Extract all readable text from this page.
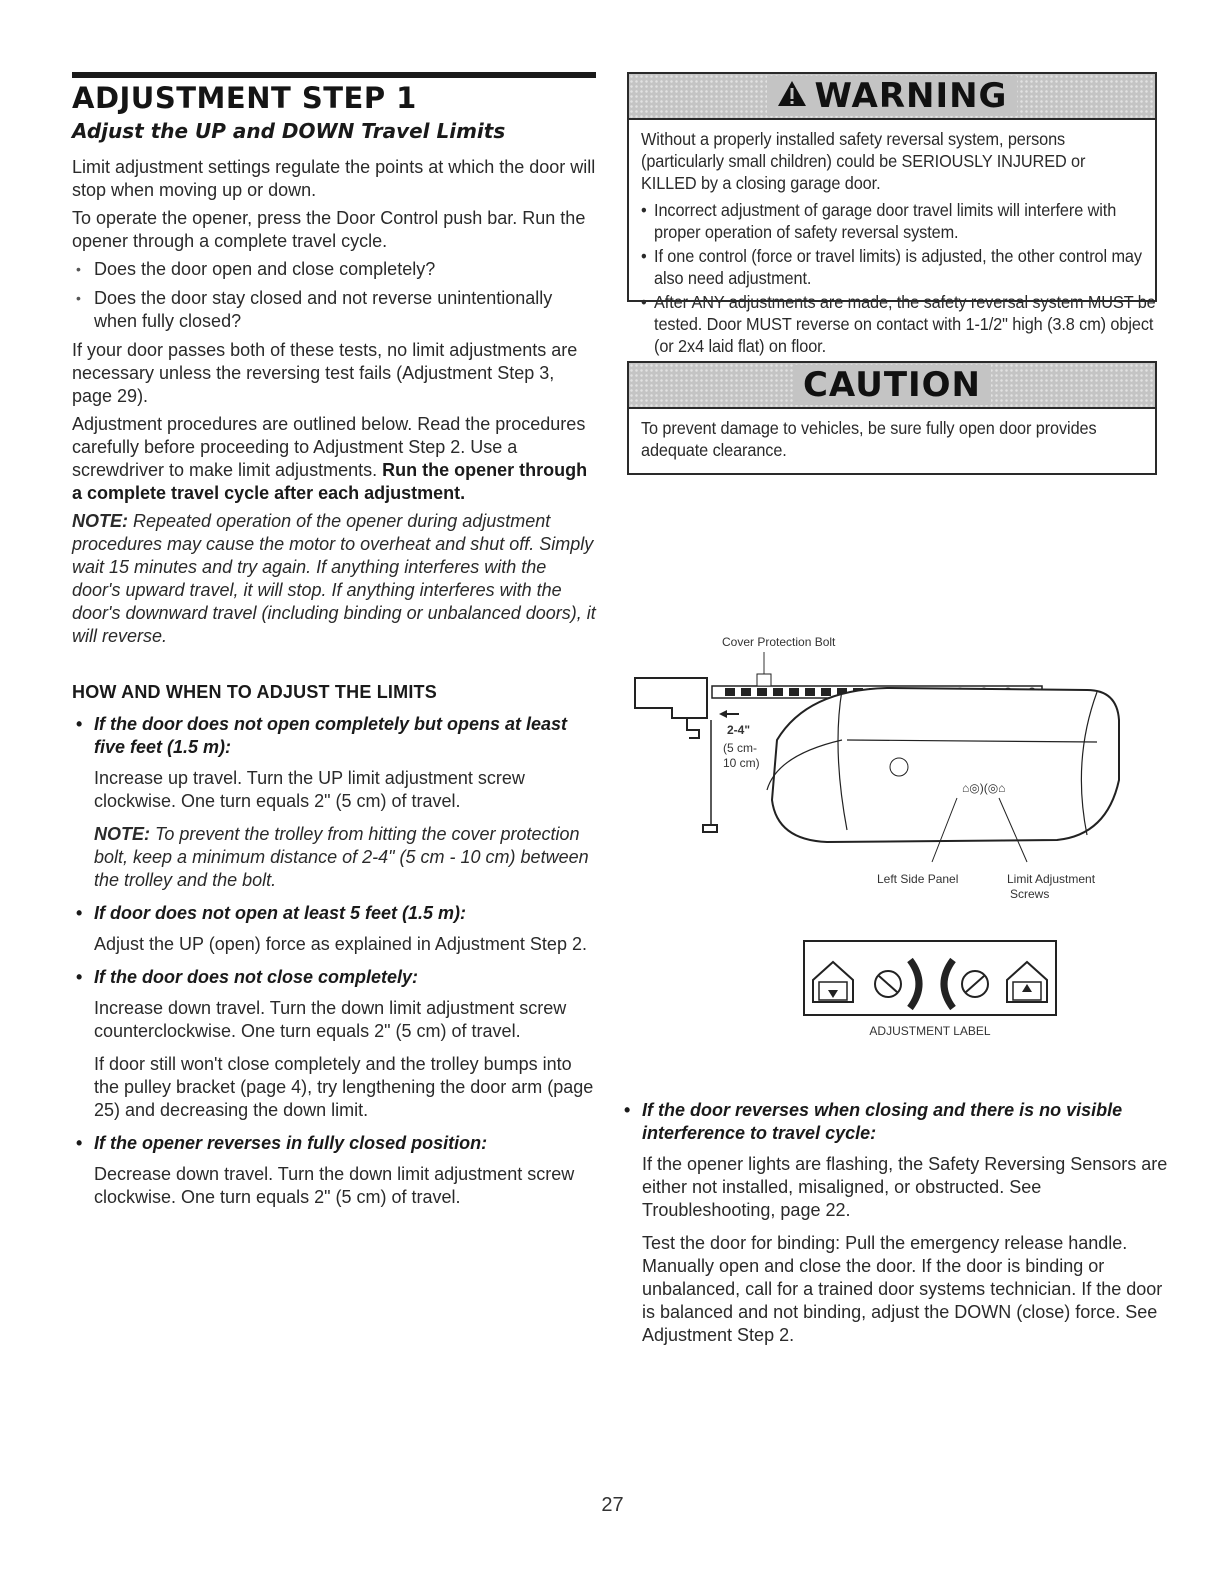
ADJUSTMENT STEP 1
Adjust the UP and DOWN Travel Limits

Limit adjustment settings regulate the points at which the door will stop when moving up or down.

To operate the opener, press the Door Control push bar. Run the opener through a complete travel cycle.

• Does the door open and close completely?
• Does the door stay closed and not reverse unintentionally when fully closed?

If your door passes both of these tests, no limit adjustments are necessary unless the reversing test fails (Adjustment Step 3, page 29).

Adjustment procedures are outlined below. Read the procedures carefully before proceeding to Adjustment Step 2. Use a screwdriver to make limit adjustments. Run the opener through a complete travel cycle after each adjustment.

NOTE: Repeated operation of the opener during adjustment procedures may cause the motor to overheat and shut off. Simply wait 15 minutes and try again. If anything interferes with the door's upward travel, it will stop. If anything interferes with the door's downward travel (including binding or unbalanced doors), it will reverse.

HOW AND WHEN TO ADJUST THE LIMITS
• If the door does not open completely but opens at least five feet (1.5 m):

Increase up travel. Turn the UP limit adjustment screw clockwise. One turn equals 2" (5 cm) of travel.

NOTE: To prevent the trolley from hitting the cover protection bolt, keep a minimum distance of 2-4" (5 cm - 10 cm) between the trolley and the bolt.

• If door does not open at least 5 feet (1.5 m):

Adjust the UP (open) force as explained in Adjustment Step 2.

• If the door does not close completely:

Increase down travel. Turn the down limit adjustment screw counterclockwise. One turn equals 2" (5 cm) of travel.

If door still won't close completely and the trolley bumps into the pulley bracket (page 4), try lengthening the door arm (page 25) and decreasing the down limit.

• If the opener reverses in fully closed position:

Decrease down travel. Turn the down limit adjustment screw clockwise. One turn equals 2" (5 cm) of travel.

WARNING

Without a properly installed safety reversal system, persons (particularly small children) could be SERIOUSLY INJURED or KILLED by a closing garage door.

• Incorrect adjustment of garage door travel limits will interfere with proper operation of safety reversal system.
• If one control (force or travel limits) is adjusted, the other control may also need adjustment.
• After ANY adjustments are made, the safety reversal system MUST be tested. Door MUST reverse on contact with 1-1/2" high (3.8 cm) object (or 2x4 laid flat) on floor.
CAUTION

To prevent damage to vehicles, be sure fully open door provides adequate clearance.

Cover Protection Bolt
2-4"
(5 cm-
10 cm)
⌂◎)(◎⌂
Left Side Panel	Limit Adjustment
Screws
ADJUSTMENT LABEL
• If the door reverses when closing and there is no visible interference to travel cycle:

If the opener lights are flashing, the Safety Reversing Sensors are either not installed, misaligned, or obstructed. See Troubleshooting, page 22.

Test the door for binding: Pull the emergency release handle. Manually open and close the door. If the door is binding or unbalanced, call for a trained door systems technician. If the door is balanced and not binding, adjust the DOWN (close) force. See Adjustment Step 2.

27
